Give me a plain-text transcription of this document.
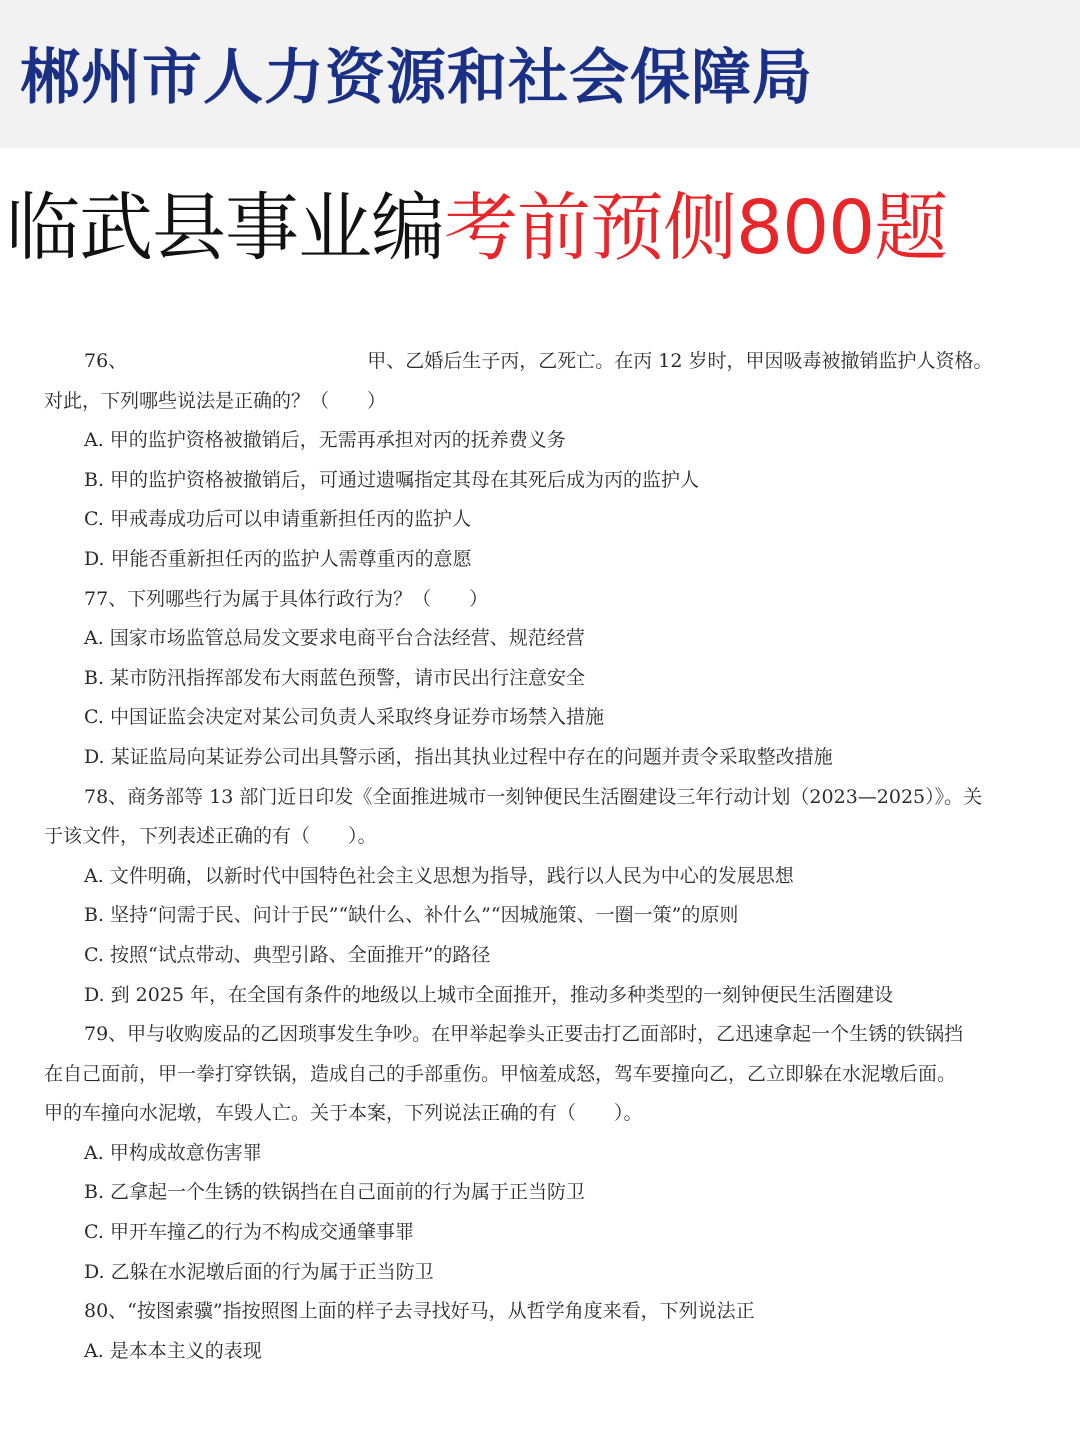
郴州市人力资源和社会保障局
临武县事业编考前预侧800题
76、	甲、乙婚后生子丙，乙死亡。在丙 12 岁时，甲因吸毒被撤销监护人资格。
对此，下列哪些说法是正确的？（　　）
A. 甲的监护资格被撤销后，无需再承担对丙的抚养费义务
B. 甲的监护资格被撤销后，可通过遗嘱指定其母在其死后成为丙的监护人
C. 甲戒毒成功后可以申请重新担任丙的监护人
D. 甲能否重新担任丙的监护人需尊重丙的意愿
77、下列哪些行为属于具体行政行为？（　　）
A. 国家市场监管总局发文要求电商平台合法经营、规范经营
B. 某市防汛指挥部发布大雨蓝色预警，请市民出行注意安全
C. 中国证监会决定对某公司负责人采取终身证券市场禁入措施
D. 某证监局向某证券公司出具警示函，指出其执业过程中存在的问题并责令采取整改措施
78、商务部等 13 部门近日印发《全面推进城市一刻钟便民生活圈建设三年行动计划（2023—2025）》。关
于该文件，下列表述正确的有（　　）。
A. 文件明确，以新时代中国特色社会主义思想为指导，践行以人民为中心的发展思想
B. 坚持“问需于民、问计于民”“缺什么、补什么”“因城施策、一圈一策”的原则
C. 按照“试点带动、典型引路、全面推开”的路径
D. 到 2025 年，在全国有条件的地级以上城市全面推开，推动多种类型的一刻钟便民生活圈建设
79、甲与收购废品的乙因琐事发生争吵。在甲举起拳头正要击打乙面部时，乙迅速拿起一个生锈的铁锅挡
在自己面前，甲一拳打穿铁锅，造成自己的手部重伤。甲恼羞成怒，驾车要撞向乙，乙立即躲在水泥墩后面。
甲的车撞向水泥墩，车毁人亡。关于本案，下列说法正确的有（　　）。
A. 甲构成故意伤害罪
B. 乙拿起一个生锈的铁锅挡在自己面前的行为属于正当防卫
C. 甲开车撞乙的行为不构成交通肇事罪
D. 乙躲在水泥墩后面的行为属于正当防卫
80、“按图索骥”指按照图上面的样子去寻找好马，从哲学角度来看，下列说法正
A. 是本本主义的表现
